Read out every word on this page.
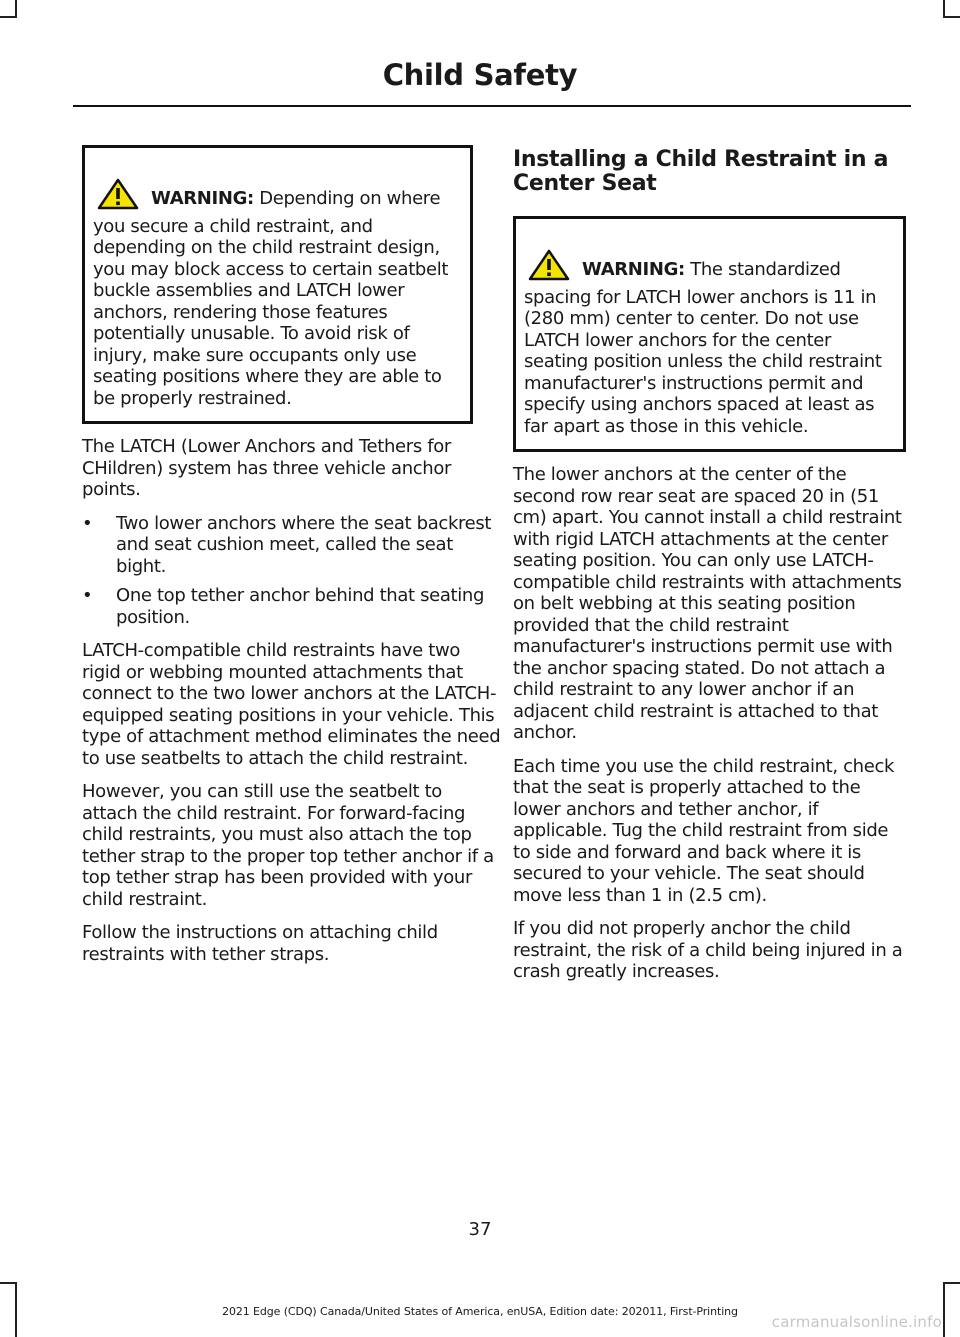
Child Safety
WARNING: Depending on where you secure a child restraint, and depending on the child restraint design, you may block access to certain seatbelt buckle assemblies and LATCH lower anchors, rendering those features potentially unusable. To avoid risk of injury, make sure occupants only use seating positions where they are able to be properly restrained.

The LATCH (Lower Anchors and Tethers for CHildren) system has three vehicle anchor points.

• Two lower anchors where the seat backrest and seat cushion meet, called the seat bight.
• One top tether anchor behind that seating position.

LATCH-compatible child restraints have two rigid or webbing mounted attachments that connect to the two lower anchors at the LATCH-equipped seating positions in your vehicle. This type of attachment method eliminates the need to use seatbelts to attach the child restraint.

However, you can still use the seatbelt to attach the child restraint. For forward-facing child restraints, you must also attach the top tether strap to the proper top tether anchor if a top tether strap has been provided with your child restraint.

Follow the instructions on attaching child restraints with tether straps.

Installing a Child Restraint in a Center Seat
WARNING: The standardized spacing for LATCH lower anchors is 11 in (280 mm) center to center. Do not use LATCH lower anchors for the center seating position unless the child restraint manufacturer's instructions permit and specify using anchors spaced at least as far apart as those in this vehicle.

The lower anchors at the center of the second row rear seat are spaced 20 in (51 cm) apart. You cannot install a child restraint with rigid LATCH attachments at the center seating position. You can only use LATCH-compatible child restraints with attachments on belt webbing at this seating position provided that the child restraint manufacturer's instructions permit use with the anchor spacing stated. Do not attach a child restraint to any lower anchor if an adjacent child restraint is attached to that anchor.

Each time you use the child restraint, check that the seat is properly attached to the lower anchors and tether anchor, if applicable. Tug the child restraint from side to side and forward and back where it is secured to your vehicle. The seat should move less than 1 in (2.5 cm).

If you did not properly anchor the child restraint, the risk of a child being injured in a crash greatly increases.

37
2021 Edge (CDQ) Canada/United States of America, enUSA, Edition date: 202011, First-Printing
carmanualsonline.info
